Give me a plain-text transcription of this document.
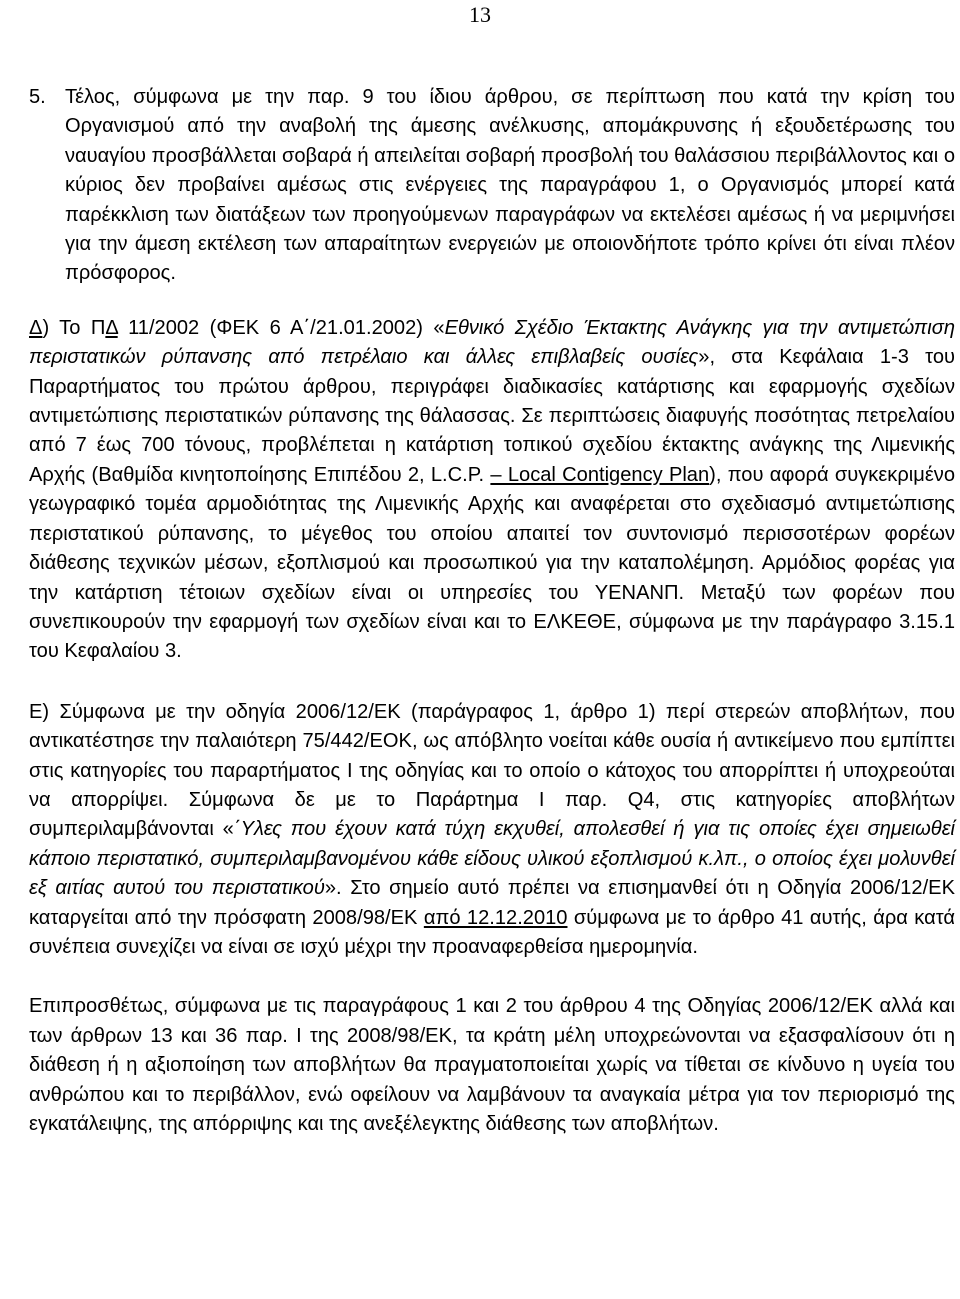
13

5. Τέλος, σύμφωνα με την παρ. 9 του ίδιου άρθρου, σε περίπτωση που κατά την κρίση του Οργανισμού από την αναβολή της άμεσης ανέλκυσης, απομάκρυνσης ή εξουδετέρωσης του ναυαγίου προσβάλλεται σοβαρά ή απειλείται σοβαρή προσβολή του θαλάσσιου περιβάλλοντος και ο κύριος δεν προβαίνει αμέσως στις ενέργειες της παραγράφου 1, ο Οργανισμός μπορεί κατά παρέκκλιση των διατάξεων των προηγούμενων παραγράφων να εκτελέσει αμέσως ή να μεριμνήσει για την άμεση εκτέλεση των απαραίτητων ενεργειών με οποιονδήποτε τρόπο κρίνει ότι είναι πλέον πρόσφορος.

Δ) Το ΠΔ 11/2002 (ΦΕΚ 6 Α΄/21.01.2002) «Εθνικό Σχέδιο Έκτακτης Ανάγκης για την αντιμετώπιση περιστατικών ρύπανσης από πετρέλαιο και άλλες επιβλαβείς ουσίες», στα Κεφάλαια 1-3 του Παραρτήματος του πρώτου άρθρου, περιγράφει διαδικασίες κατάρτισης και εφαρμογής σχεδίων αντιμετώπισης περιστατικών ρύπανσης της θάλασσας. Σε περιπτώσεις διαφυγής ποσότητας πετρελαίου από 7 έως 700 τόνους, προβλέπεται η κατάρτιση τοπικού σχεδίου έκτακτης ανάγκης της Λιμενικής Αρχής (Βαθμίδα κινητοποίησης Επιπέδου 2, L.C.P. – Local Contigency Plan), που αφορά συγκεκριμένο γεωγραφικό τομέα αρμοδιότητας της Λιμενικής Αρχής και αναφέρεται στο σχεδιασμό αντιμετώπισης περιστατικού ρύπανσης, το μέγεθος του οποίου απαιτεί τον συντονισμό περισσοτέρων φορέων διάθεσης τεχνικών μέσων, εξοπλισμού και προσωπικού για την καταπολέμηση. Αρμόδιος φορέας για την κατάρτιση τέτοιων σχεδίων είναι οι υπηρεσίες του ΥΕΝΑΝΠ. Μεταξύ των φορέων που συνεπικουρούν την εφαρμογή των σχεδίων είναι και το ΕΛΚΕΘΕ, σύμφωνα με την παράγραφο 3.15.1 του Κεφαλαίου 3.

Ε) Σύμφωνα με την οδηγία 2006/12/ΕΚ (παράγραφος 1, άρθρο 1) περί στερεών αποβλήτων, που αντικατέστησε την παλαιότερη 75/442/ΕΟΚ, ως απόβλητο νοείται κάθε ουσία ή αντικείμενο που εμπίπτει στις κατηγορίες του παραρτήματος Ι της οδηγίας και το οποίο ο κάτοχος του απορρίπτει ή υποχρεούται να απορρίψει. Σύμφωνα δε με το Παράρτημα Ι παρ. Q4, στις κατηγορίες αποβλήτων συμπεριλαμβάνονται «΄Υλες που έχουν κατά τύχη εκχυθεί, απολεσθεί ή για τις οποίες έχει σημειωθεί κάποιο περιστατικό, συμπεριλαμβανομένου κάθε είδους υλικού εξοπλισμού κ.λπ., ο οποίος έχει μολυνθεί εξ αιτίας αυτού του περιστατικού». Στο σημείο αυτό πρέπει να επισημανθεί ότι η Οδηγία 2006/12/ΕΚ καταργείται από την πρόσφατη 2008/98/ΕΚ από 12.12.2010 σύμφωνα με το άρθρο 41 αυτής, άρα κατά συνέπεια συνεχίζει να είναι σε ισχύ μέχρι την προαναφερθείσα ημερομηνία.

Επιπροσθέτως, σύμφωνα με τις παραγράφους 1 και 2 του άρθρου 4 της Οδηγίας 2006/12/ΕΚ αλλά και των άρθρων 13 και 36 παρ. Ι της 2008/98/ΕΚ, τα κράτη μέλη υποχρεώνονται να εξασφαλίσουν ότι η διάθεση ή η αξιοποίηση των αποβλήτων θα πραγματοποιείται χωρίς να τίθεται σε κίνδυνο η υγεία του ανθρώπου και το περιβάλλον, ενώ οφείλουν να λαμβάνουν τα αναγκαία μέτρα για τον περιορισμό της εγκατάλειψης, της απόρριψης και της ανεξέλεγκτης διάθεσης των αποβλήτων.
